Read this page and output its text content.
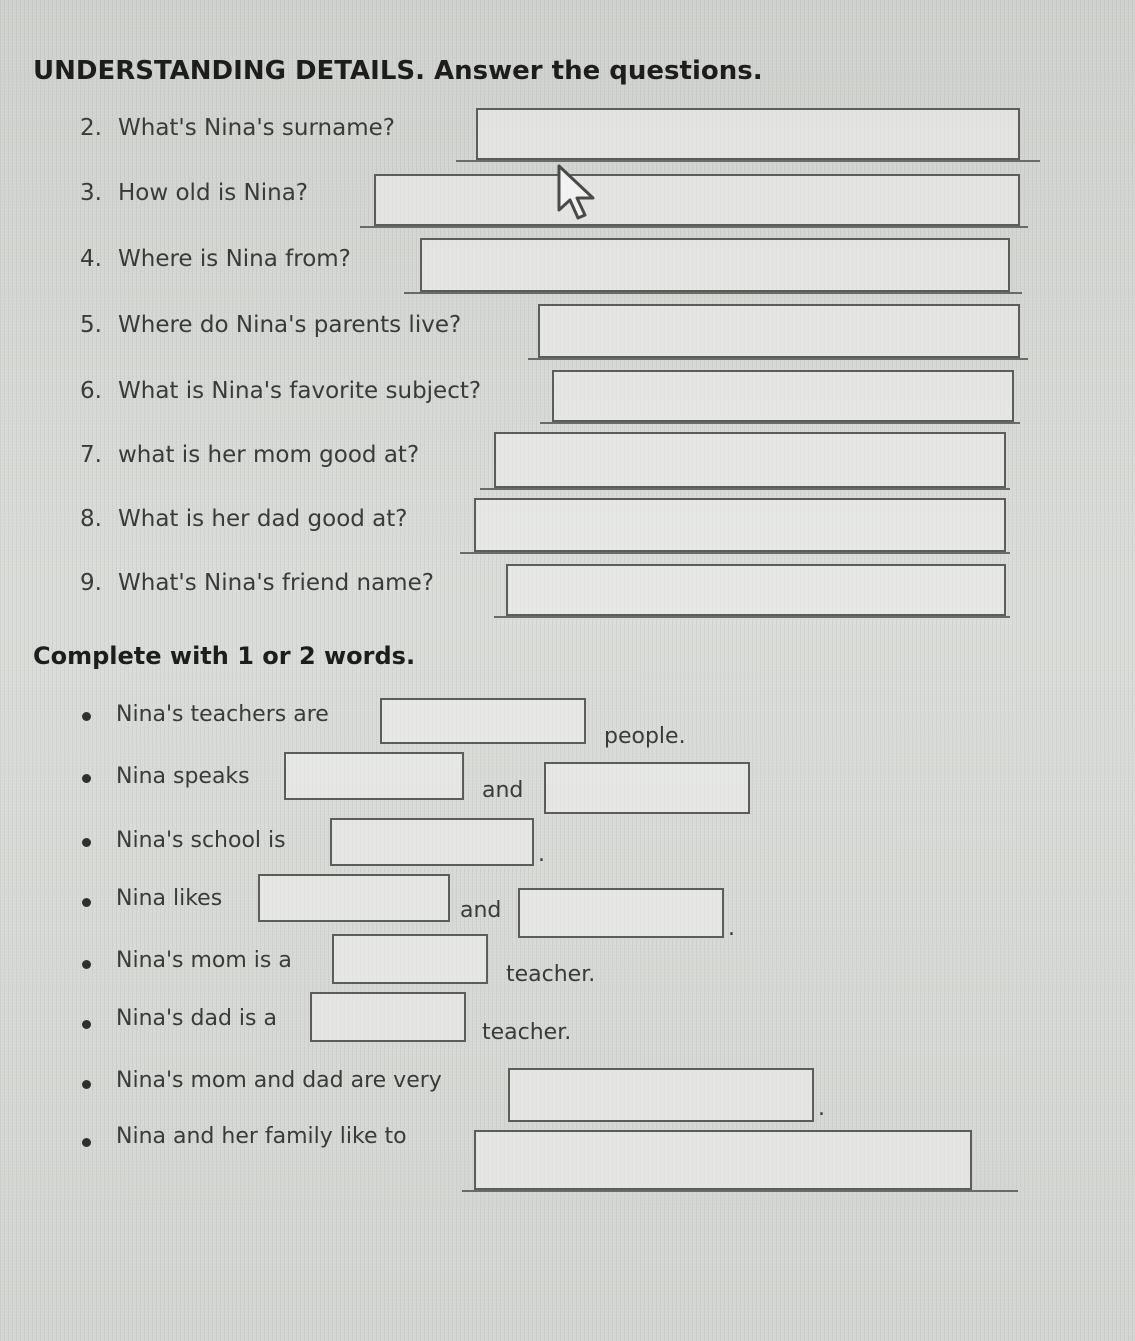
UNDERSTANDING DETAILS. Answer the questions.
2. What's Nina's surname?
3. How old is Nina?
4. Where is Nina from?
5. Where do Nina's parents live?
6. What is Nina's favorite subject?
7. what is her mom good at?
8. What is her dad good at?
9. What's Nina's friend name?
Complete with 1 or 2 words.
Nina's teachers are
people.
Nina speaks
and
Nina's school is
.
Nina likes	and
.
Nina's mom is a
teacher.
Nina's dad is a
teacher.
Nina's mom and dad are very
.
Nina and her family like to
